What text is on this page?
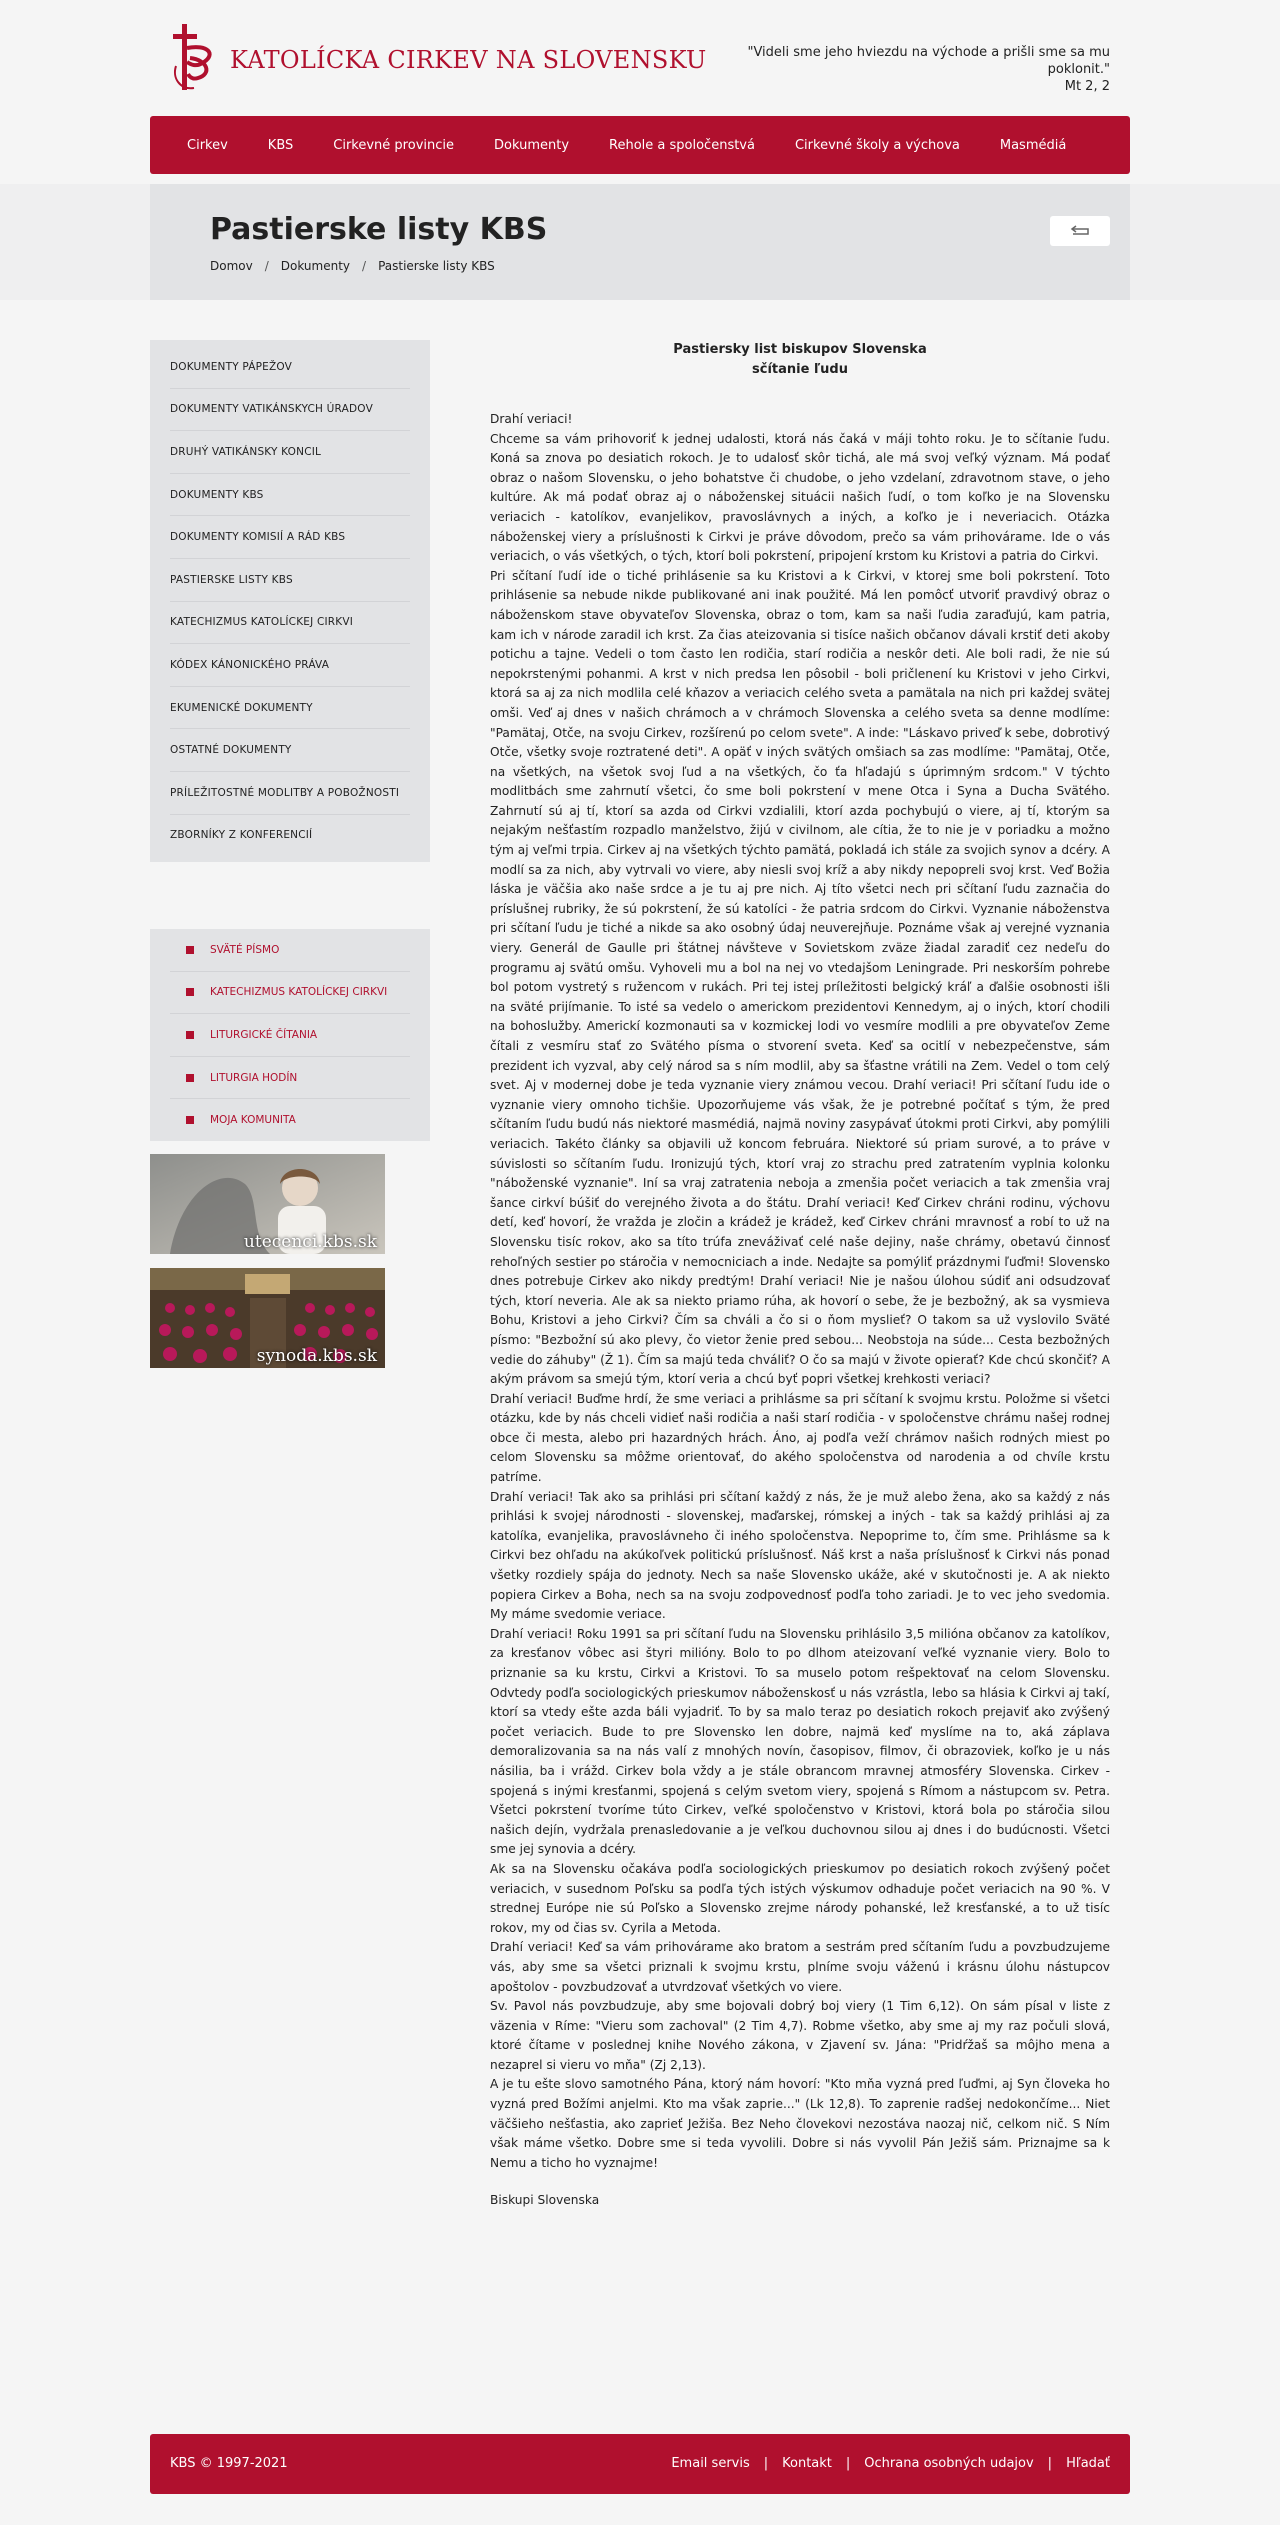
KATOLÍCKA CIRKEV NA SLOVENSKU	"Videli sme jeho hviezdu na východe a prišli sme sa mu poklonit."
Mt 2, 2
Cirkev	KBS	Cirkevné provincie	Dokumenty	Rehole a spoločenstvá	Cirkevné školy a výchova	Masmédiá
Pastierske listy KBS
Domov / Dokumenty / Pastierske listy KBS
DOKUMENTY PÁPEŽOV
DOKUMENTY VATIKÁNSKYCH ÚRADOV
DRUHÝ VATIKÁNSKY KONCIL
DOKUMENTY KBS
DOKUMENTY KOMISIÍ A RÁD KBS
PASTIERSKE LISTY KBS
KATECHIZMUS KATOLÍCKEJ CIRKVI
KÓDEX KÁNONICKÉHO PRÁVA
EKUMENICKÉ DOKUMENTY
OSTATNÉ DOKUMENTY
PRÍLEŽITOSTNÉ MODLITBY A POBOŽNOSTI
ZBORNÍKY Z KONFERENCIÍ
SVÄTÉ PÍSMO
KATECHIZMUS KATOLÍCKEJ CIRKVI
LITURGICKÉ ČÍTANIA
LITURGIA HODÍN
MOJA KOMUNITA
utecenci.kbs.sk
synoda.kbs.sk
Pastiersky list biskupov Slovenska
sčítanie ľudu

Drahí veriaci!

Chceme sa vám prihovoriť k jednej udalosti, ktorá nás čaká v máji tohto roku. Je to sčítanie ľudu. Koná sa znova po desiatich rokoch. Je to udalosť skôr tichá, ale má svoj veľký význam. Má podať obraz o našom Slovensku, o jeho bohatstve či chudobe, o jeho vzdelaní, zdravotnom stave, o jeho kultúre. Ak má podať obraz aj o náboženskej situácii našich ľudí, o tom koľko je na Slovensku veriacich - katolíkov, evanjelikov, pravoslávnych a iných, a koľko je i neveriacich. Otázka náboženskej viery a príslušnosti k Cirkvi je práve dôvodom, prečo sa vám prihovárame. Ide o vás veriacich, o vás všetkých, o tých, ktorí boli pokrstení, pripojení krstom ku Kristovi a patria do Cirkvi.

Pri sčítaní ľudí ide o tiché prihlásenie sa ku Kristovi a k Cirkvi, v ktorej sme boli pokrstení. Toto prihlásenie sa nebude nikde publikované ani inak použité. Má len pomôcť utvoriť pravdivý obraz o náboženskom stave obyvateľov Slovenska, obraz o tom, kam sa naši ľudia zaraďujú, kam patria, kam ich v národe zaradil ich krst. Za čias ateizovania si tisíce našich občanov dávali krstiť deti akoby potichu a tajne. Vedeli o tom často len rodičia, starí rodičia a neskôr deti. Ale boli radi, že nie sú nepokrstenými pohanmi. A krst v nich predsa len pôsobil - boli pričlenení ku Kristovi v jeho Cirkvi, ktorá sa aj za nich modlila celé kňazov a veriacich celého sveta a pamätala na nich pri každej svätej omši. Veď aj dnes v našich chrámoch a v chrámoch Slovenska a celého sveta sa denne modlíme: "Pamätaj, Otče, na svoju Cirkev, rozšírenú po celom svete". A inde: "Láskavo priveď k sebe, dobrotivý Otče, všetky svoje roztratené deti". A opäť v iných svätých omšiach sa zas modlíme: "Pamätaj, Otče, na všetkých, na všetok svoj ľud a na všetkých, čo ťa hľadajú s úprimným srdcom." V týchto modlitbách sme zahrnutí všetci, čo sme boli pokrstení v mene Otca i Syna a Ducha Svätého. Zahrnutí sú aj tí, ktorí sa azda od Cirkvi vzdialili, ktorí azda pochybujú o viere, aj tí, ktorým sa nejakým nešťastím rozpadlo manželstvo, žijú v civilnom, ale cítia, že to nie je v poriadku a možno tým aj veľmi trpia. Cirkev aj na všetkých týchto pamätá, pokladá ich stále za svojich synov a dcéry. A modlí sa za nich, aby vytrvali vo viere, aby niesli svoj kríž a aby nikdy nepopreli svoj krst. Veď Božia láska je väčšia ako naše srdce a je tu aj pre nich. Aj títo všetci nech pri sčítaní ľudu zaznačia do príslušnej rubriky, že sú pokrstení, že sú katolíci - že patria srdcom do Cirkvi. Vyznanie náboženstva pri sčítaní ľudu je tiché a nikde sa ako osobný údaj neuverejňuje. Poznáme však aj verejné vyznania viery. Generál de Gaulle pri štátnej návšteve v Sovietskom zväze žiadal zaradiť cez nedeľu do programu aj svätú omšu. Vyhoveli mu a bol na nej vo vtedajšom Leningrade. Pri neskorším pohrebe bol potom vystretý s ružencom v rukách. Pri tej istej príležitosti belgický kráľ a ďalšie osobnosti išli na sväté prijímanie. To isté sa vedelo o americkom prezidentovi Kennedym, aj o iných, ktorí chodili na bohoslužby. Americkí kozmonauti sa v kozmickej lodi vo vesmíre modlili a pre obyvateľov Zeme čítali z vesmíru stať zo Svätého písma o stvorení sveta. Keď sa ocitlí v nebezpečenstve, sám prezident ich vyzval, aby celý národ sa s ním modlil, aby sa šťastne vrátili na Zem. Vedel o tom celý svet. Aj v modernej dobe je teda vyznanie viery známou vecou. Drahí veriaci! Pri sčítaní ľudu ide o vyznanie viery omnoho tichšie. Upozorňujeme vás však, že je potrebné počítať s tým, že pred sčítaním ľudu budú nás niektoré masmédiá, najmä noviny zasypávať útokmi proti Cirkvi, aby pomýlili veriacich. Takéto články sa objavili už koncom februára. Niektoré sú priam surové, a to práve v súvislosti so sčítaním ľudu. Ironizujú tých, ktorí vraj zo strachu pred zatratením vyplnia kolonku "náboženské vyznanie". Iní sa vraj zatratenia neboja a zmenšia počet veriacich a tak zmenšia vraj šance cirkví búšiť do verejného života a do štátu. Drahí veriaci! Keď Cirkev chráni rodinu, výchovu detí, keď hovorí, že vražda je zločin a krádež je krádež, keď Cirkev chráni mravnosť a robí to už na Slovensku tisíc rokov, ako sa títo trúfa zneváživať celé naše dejiny, naše chrámy, obetavú činnosť rehoľných sestier po stáročia v nemocniciach a inde. Nedajte sa pomýliť prázdnymi ľuďmi! Slovensko dnes potrebuje Cirkev ako nikdy predtým! Drahí veriaci! Nie je našou úlohou súdiť ani odsudzovať tých, ktorí neveria. Ale ak sa niekto priamo rúha, ak hovorí o sebe, že je bezbožný, ak sa vysmieva Bohu, Kristovi a jeho Cirkvi? Čím sa chváli a čo si o ňom myslieť? O takom sa už vyslovilo Sväté písmo: "Bezbožní sú ako plevy, čo vietor ženie pred sebou... Neobstoja na súde... Cesta bezbožných vedie do záhuby" (Ž 1). Čím sa majú teda chváliť? O čo sa majú v živote opierať? Kde chcú skončiť? A akým právom sa smejú tým, ktorí veria a chcú byť popri všetkej krehkosti veriaci?

Drahí veriaci! Buďme hrdí, že sme veriaci a prihlásme sa pri sčítaní k svojmu krstu. Položme si všetci otázku, kde by nás chceli vidieť naši rodičia a naši starí rodičia - v spoločenstve chrámu našej rodnej obce či mesta, alebo pri hazardných hrách. Áno, aj podľa veží chrámov našich rodných miest po celom Slovensku sa môžme orientovať, do akého spoločenstva od narodenia a od chvíle krstu patríme.

Drahí veriaci! Tak ako sa prihlási pri sčítaní každý z nás, že je muž alebo žena, ako sa každý z nás prihlási k svojej národnosti - slovenskej, maďarskej, rómskej a iných - tak sa každý prihlási aj za katolíka, evanjelika, pravoslávneho či iného spoločenstva. Nepoprime to, čím sme. Prihlásme sa k Cirkvi bez ohľadu na akúkoľvek politickú príslušnosť. Náš krst a naša príslušnosť k Cirkvi nás ponad všetky rozdiely spája do jednoty. Nech sa naše Slovensko ukáže, aké v skutočnosti je. A ak niekto popiera Cirkev a Boha, nech sa na svoju zodpovednosť podľa toho zariadi. Je to vec jeho svedomia. My máme svedomie veriace.

Drahí veriaci! Roku 1991 sa pri sčítaní ľudu na Slovensku prihlásilo 3,5 milióna občanov za katolíkov, za kresťanov vôbec asi štyri milióny. Bolo to po dlhom ateizovaní veľké vyznanie viery. Bolo to priznanie sa ku krstu, Cirkvi a Kristovi. To sa muselo potom rešpektovať na celom Slovensku. Odvtedy podľa sociologických prieskumov náboženskosť u nás vzrástla, lebo sa hlásia k Cirkvi aj takí, ktorí sa vtedy ešte azda báli vyjadriť. To by sa malo teraz po desiatich rokoch prejaviť ako zvýšený počet veriacich. Bude to pre Slovensko len dobre, najmä keď myslíme na to, aká záplava demoralizovania sa na nás valí z mnohých novín, časopisov, filmov, či obrazoviek, koľko je u nás násilia, ba i vrážd. Cirkev bola vždy a je stále obrancom mravnej atmosféry Slovenska. Cirkev - spojená s inými kresťanmi, spojená s celým svetom viery, spojená s Rímom a nástupcom sv. Petra. Všetci pokrstení tvoríme túto Cirkev, veľké spoločenstvo v Kristovi, ktorá bola po stáročia silou našich dejín, vydržala prenasledovanie a je veľkou duchovnou silou aj dnes i do budúcnosti. Všetci sme jej synovia a dcéry.

Ak sa na Slovensku očakáva podľa sociologických prieskumov po desiatich rokoch zvýšený počet veriacich, v susednom Poľsku sa podľa tých istých výskumov odhaduje počet veriacich na 90 %. V strednej Európe nie sú Poľsko a Slovensko zrejme národy pohanské, lež kresťanské, a to už tisíc rokov, my od čias sv. Cyrila a Metoda.

Drahí veriaci! Keď sa vám prihovárame ako bratom a sestrám pred sčítaním ľudu a povzbudzujeme vás, aby sme sa všetci priznali k svojmu krstu, plníme svoju váženú i krásnu úlohu nástupcov apoštolov - povzbudzovať a utvrdzovať všetkých vo viere.

Sv. Pavol nás povzbudzuje, aby sme bojovali dobrý boj viery (1 Tim 6,12). On sám písal v liste z väzenia v Ríme: "Vieru som zachoval" (2 Tim 4,7). Robme všetko, aby sme aj my raz počuli slová, ktoré čítame v poslednej knihe Nového zákona, v Zjavení sv. Jána: "Pridŕžaš sa môjho mena a nezaprel si vieru vo mňa" (Zj 2,13).

A je tu ešte slovo samotného Pána, ktorý nám hovorí: "Kto mňa vyzná pred ľuďmi, aj Syn človeka ho vyzná pred Božími anjelmi. Kto ma však zaprie..." (Lk 12,8). To zaprenie radšej nedokončíme... Niet väčšieho nešťastia, ako zaprieť Ježiša. Bez Neho človekovi nezostáva naozaj nič, celkom nič. S Ním však máme všetko. Dobre sme si teda vyvolili. Dobre si nás vyvolil Pán Ježiš sám. Priznajme sa k Nemu a ticho ho vyznajme!

Biskupi Slovenska
KBS © 1997-2021	Email servis | Kontakt | Ochrana osobných udajov | Hľadať
